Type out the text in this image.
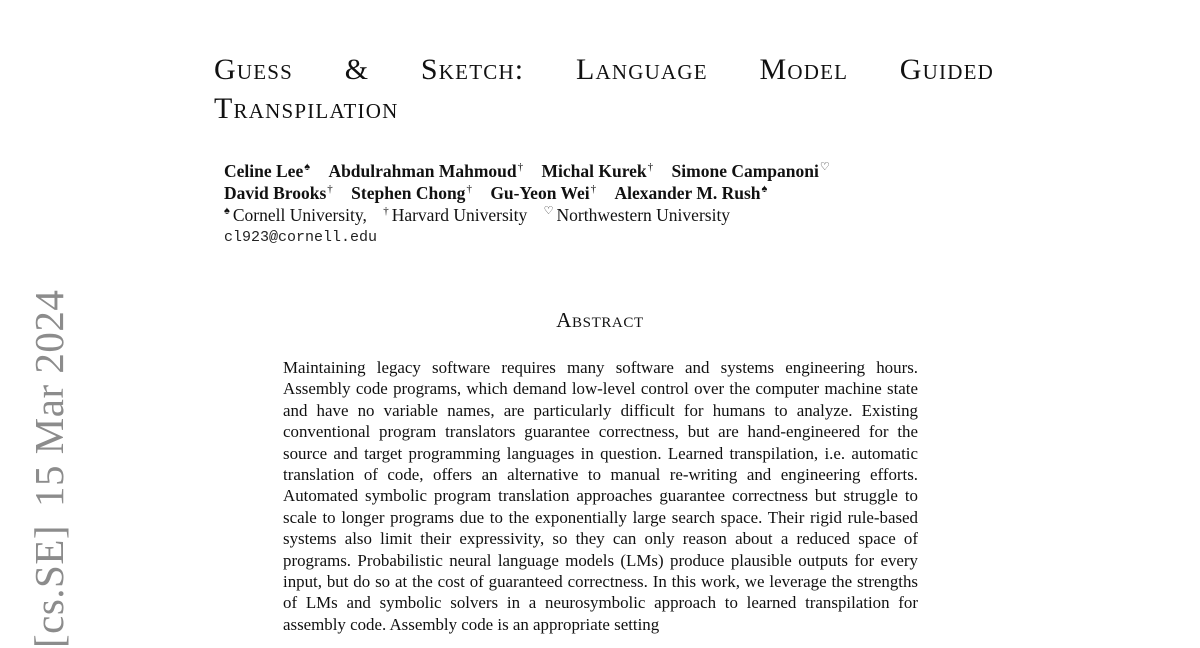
[cs.SE]15 Mar 2024
Guess & Sketch: Language Model Guided
Transpilation
Celine Lee♠ Abdulrahman Mahmoud† Michal Kurek† Simone Campanoni♡
David Brooks† Stephen Chong† Gu-Yeon Wei† Alexander M. Rush♠
♠ Cornell University, † Harvard University ♡ Northwestern University
cl923@cornell.edu
Abstract

Maintaining legacy software requires many software and systems engineering hours. Assembly code programs, which demand low-level control over the computer machine state and have no variable names, are particularly difficult for humans to analyze. Existing conventional program translators guarantee correctness, but are hand-engineered for the source and target programming languages in question. Learned transpilation, i.e. automatic translation of code, offers an alternative to manual re-writing and engineering efforts. Automated symbolic program translation approaches guarantee correctness but struggle to scale to longer programs due to the exponentially large search space. Their rigid rule-based systems also limit their expressivity, so they can only reason about a reduced space of programs. Probabilistic neural language models (LMs) produce plausible outputs for every input, but do so at the cost of guaranteed correctness. In this work, we leverage the strengths of LMs and symbolic solvers in a neurosymbolic approach to learned transpilation for assembly code. Assembly code is an appropriate setting
